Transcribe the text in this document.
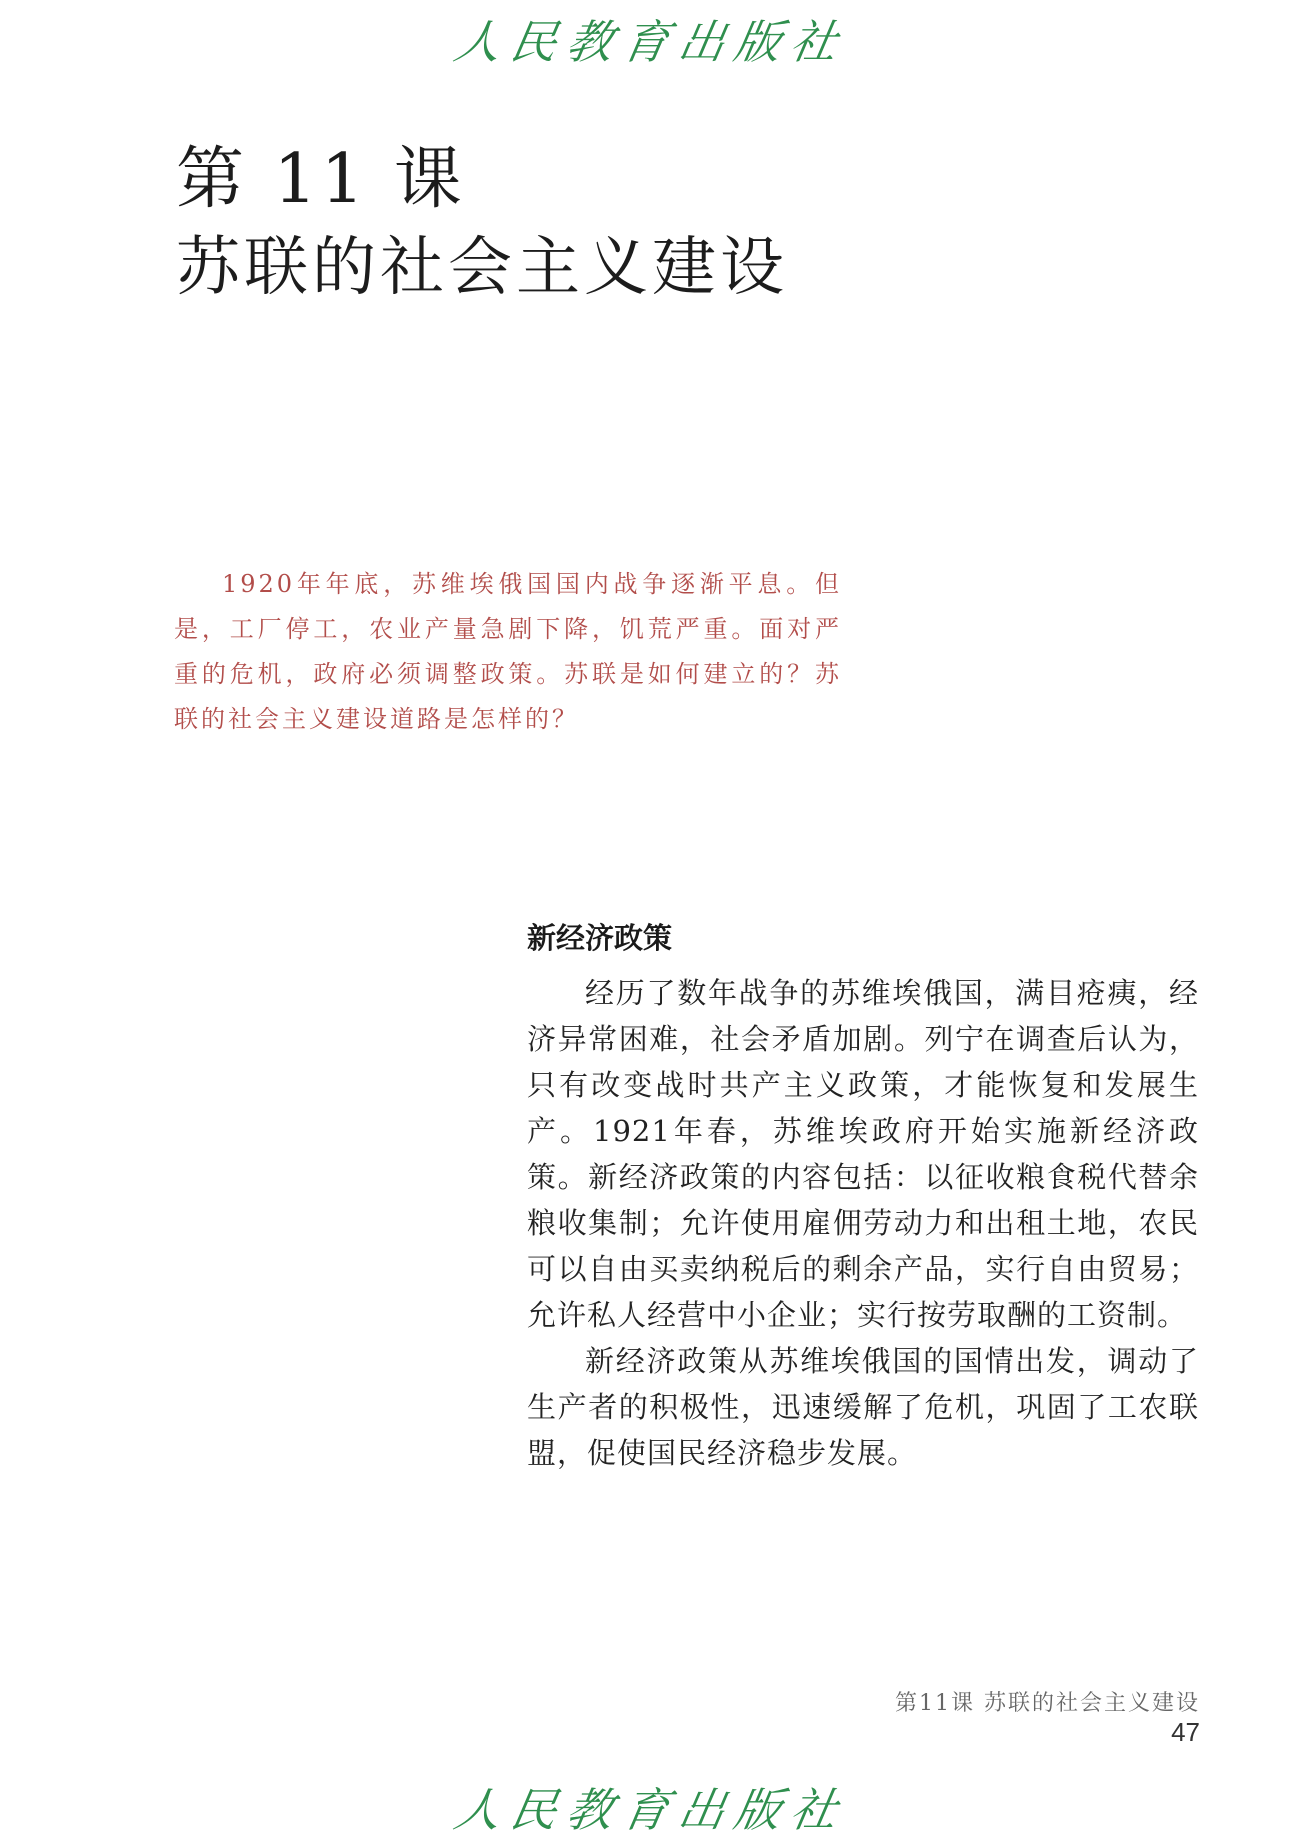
人民教育出版社
第 11 课
苏联的社会主义建设
1920年年底，苏维埃俄国国内战争逐渐平息。但是，工厂停工，农业产量急剧下降，饥荒严重。面对严重的危机，政府必须调整政策。苏联是如何建立的？苏联的社会主义建设道路是怎样的？
新经济政策

经历了数年战争的苏维埃俄国，满目疮痍，经济异常困难，社会矛盾加剧。列宁在调查后认为，只有改变战时共产主义政策，才能恢复和发展生产。1921年春，苏维埃政府开始实施新经济政策。新经济政策的内容包括：以征收粮食税代替余粮收集制；允许使用雇佣劳动力和出租土地，农民可以自由买卖纳税后的剩余产品，实行自由贸易；允许私人经营中小企业；实行按劳取酬的工资制。

新经济政策从苏维埃俄国的国情出发，调动了生产者的积极性，迅速缓解了危机，巩固了工农联盟，促使国民经济稳步发展。

第11课 苏联的社会主义建设47
人民教育出版社
